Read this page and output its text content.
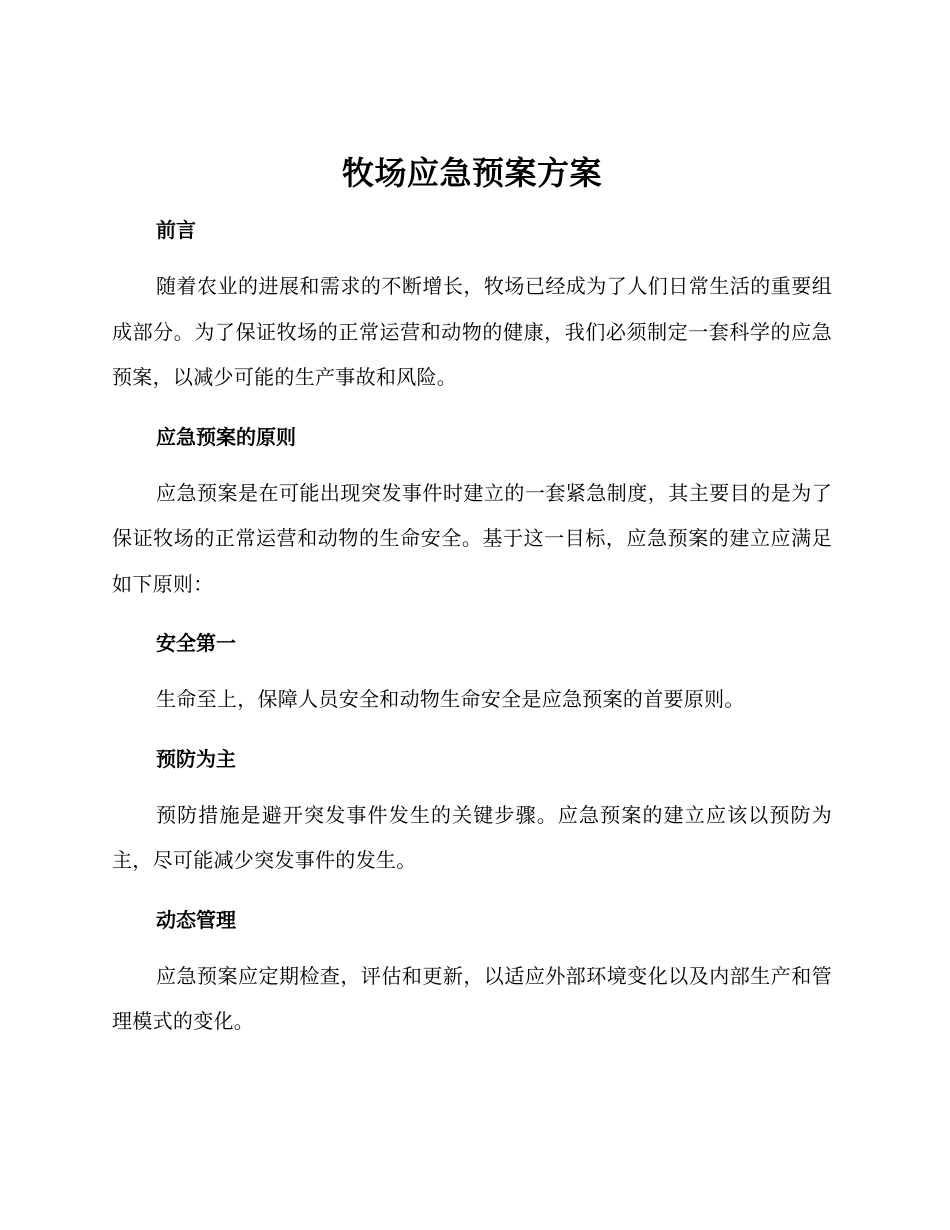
牧场应急预案方案
前言

随着农业的进展和需求的不断增长，牧场已经成为了人们日常生活的重要组成部分。为了保证牧场的正常运营和动物的健康，我们必须制定一套科学的应急预案，以减少可能的生产事故和风险。

应急预案的原则

应急预案是在可能出现突发事件时建立的一套紧急制度，其主要目的是为了保证牧场的正常运营和动物的生命安全。基于这一目标，应急预案的建立应满足如下原则：

安全第一

生命至上，保障人员安全和动物生命安全是应急预案的首要原则。

预防为主

预防措施是避开突发事件发生的关键步骤。应急预案的建立应该以预防为主，尽可能减少突发事件的发生。

动态管理

应急预案应定期检查，评估和更新，以适应外部环境变化以及内部生产和管理模式的变化。
